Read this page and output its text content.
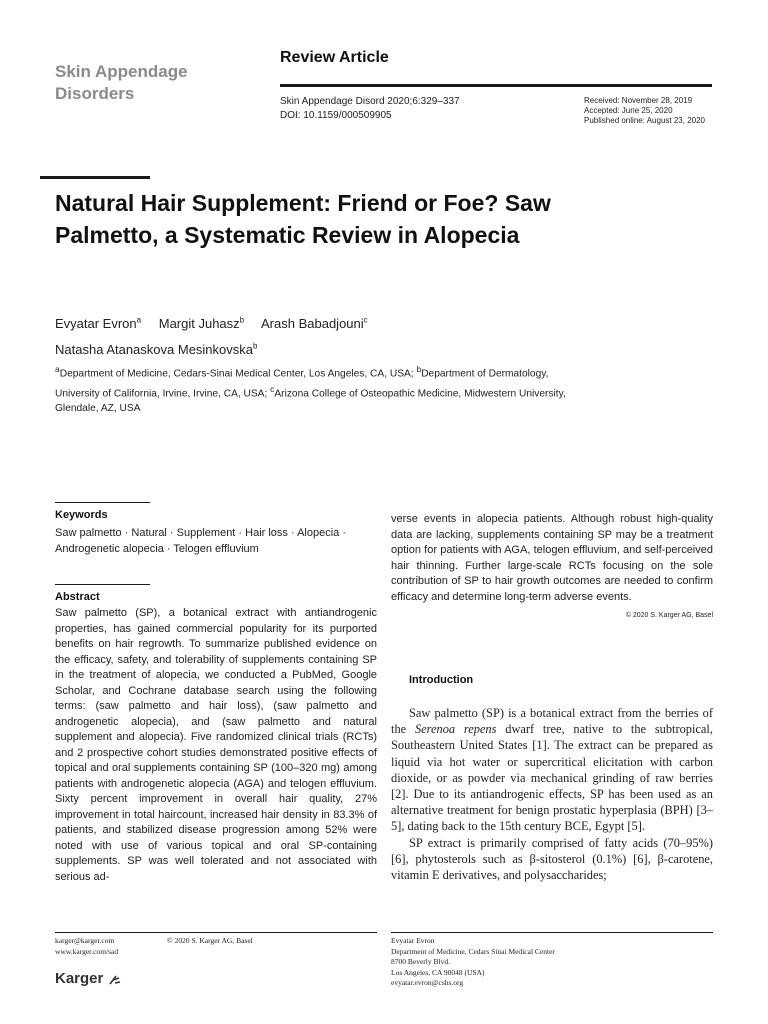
Skin Appendage
Disorders
Review Article
Skin Appendage Disord 2020;6:329–337
DOI: 10.1159/000509905
Received: November 28, 2019
Accepted: June 25, 2020
Published online: August 23, 2020
Natural Hair Supplement: Friend or Foe? Saw Palmetto, a Systematic Review in Alopecia
Evyatar Evron$^a$ Margit Juhasz$^b$ Arash Babadjouni$^c$
Natasha Atanaskova Mesinkovska$^b$
$^a$Department of Medicine, Cedars-Sinai Medical Center, Los Angeles, CA, USA; $^b$Department of Dermatology, University of California, Irvine, Irvine, CA, USA; $^c$Arizona College of Osteopathic Medicine, Midwestern University, Glendale, AZ, USA
Keywords
Saw palmetto · Natural · Supplement · Hair loss · Alopecia · Androgenetic alopecia · Telogen effluvium
Abstract
Saw palmetto (SP), a botanical extract with antiandrogenic properties, has gained commercial popularity for its purported benefits on hair regrowth. To summarize published evidence on the efficacy, safety, and tolerability of supplements containing SP in the treatment of alopecia, we conducted a PubMed, Google Scholar, and Cochrane database search using the following terms: (saw palmetto and hair loss), (saw palmetto and androgenetic alopecia), and (saw palmetto and natural supplement and alopecia). Five randomized clinical trials (RCTs) and 2 prospective cohort studies demonstrated positive effects of topical and oral supplements containing SP (100–320 mg) among patients with androgenetic alopecia (AGA) and telogen effluvium. Sixty percent improvement in overall hair quality, 27% improvement in total haircount, increased hair density in 83.3% of patients, and stabilized disease progression among 52% were noted with use of various topical and oral SP-containing supplements. SP was well tolerated and not associated with serious ad-
verse events in alopecia patients. Although robust high-quality data are lacking, supplements containing SP may be a treatment option for patients with AGA, telogen effluvium, and self-perceived hair thinning. Further large-scale RCTs focusing on the sole contribution of SP to hair growth outcomes are needed to confirm efficacy and determine long-term adverse events.
© 2020 S. Karger AG, Basel
Introduction

Saw palmetto (SP) is a botanical extract from the berries of the Serenoa repens dwarf tree, native to the subtropical, Southeastern United States [1]. The extract can be prepared as liquid via hot water or supercritical elicitation with carbon dioxide, or as powder via mechanical grinding of raw berries [2]. Due to its antiandrogenic effects, SP has been used as an alternative treatment for benign prostatic hyperplasia (BPH) [3–5], dating back to the 15th century BCE, Egypt [5].

SP extract is primarily comprised of fatty acids (70–95%) [6], phytosterols such as β-sitosterol (0.1%) [6], β-carotene, vitamin E derivatives, and polysaccharides;

karger@karger.com
www.karger.com/sad
© 2020 S. Karger AG, Basel
Karger
Evyatar Evron
Department of Medicine, Cedars Sinai Medical Center
8700 Beverly Blvd.
Los Angeles, CA 90048 (USA)
evyatar.evron@cshs.org
